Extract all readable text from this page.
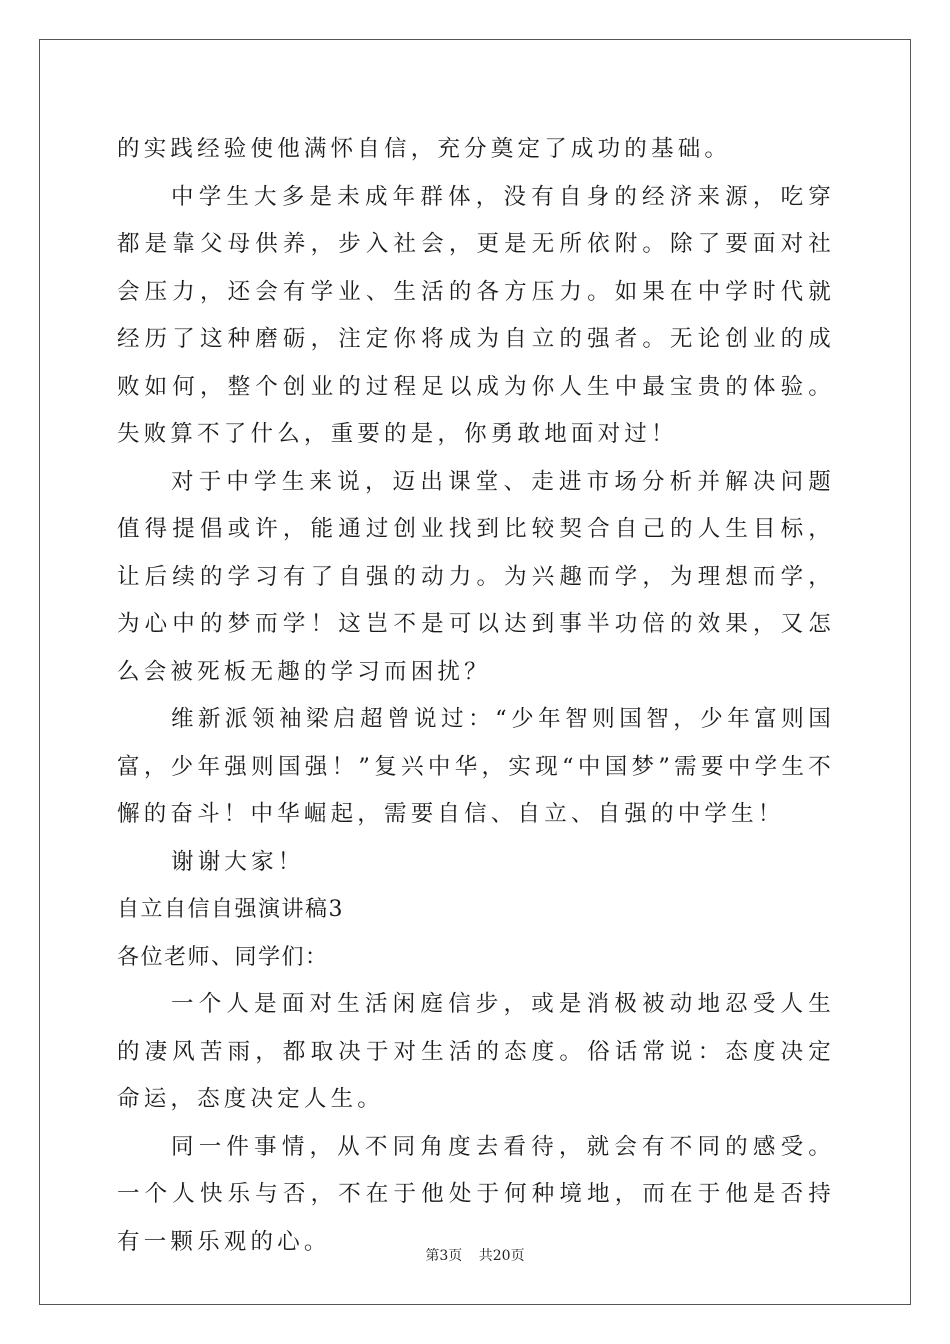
的实践经验使他满怀自信，充分奠定了成功的基础。

中学生大多是未成年群体，没有自身的经济来源，吃穿都是靠父母供养，步入社会，更是无所依附。除了要面对社会压力，还会有学业、生活的各方压力。如果在中学时代就经历了这种磨砺，注定你将成为自立的强者。无论创业的成败如何，整个创业的过程足以成为你人生中最宝贵的体验。失败算不了什么，重要的是，你勇敢地面对过！

对于中学生来说，迈出课堂、走进市场分析并解决问题值得提倡或许，能通过创业找到比较契合自己的人生目标，让后续的学习有了自强的动力。为兴趣而学，为理想而学，为心中的梦而学！这岂不是可以达到事半功倍的效果，又怎么会被死板无趣的学习而困扰？

维新派领袖梁启超曾说过：“少年智则国智，少年富则国富，少年强则国强！”复兴中华，实现“中国梦”需要中学生不懈的奋斗！中华崛起，需要自信、自立、自强的中学生！

谢谢大家！

自立自信自强演讲稿3

各位老师、同学们：

一个人是面对生活闲庭信步，或是消极被动地忍受人生的凄风苦雨，都取决于对生活的态度。俗话常说：态度决定命运，态度决定人生。

同一件事情，从不同角度去看待，就会有不同的感受。一个人快乐与否，不在于他处于何种境地，而在于他是否持有一颗乐观的心。

第3页 共20页
